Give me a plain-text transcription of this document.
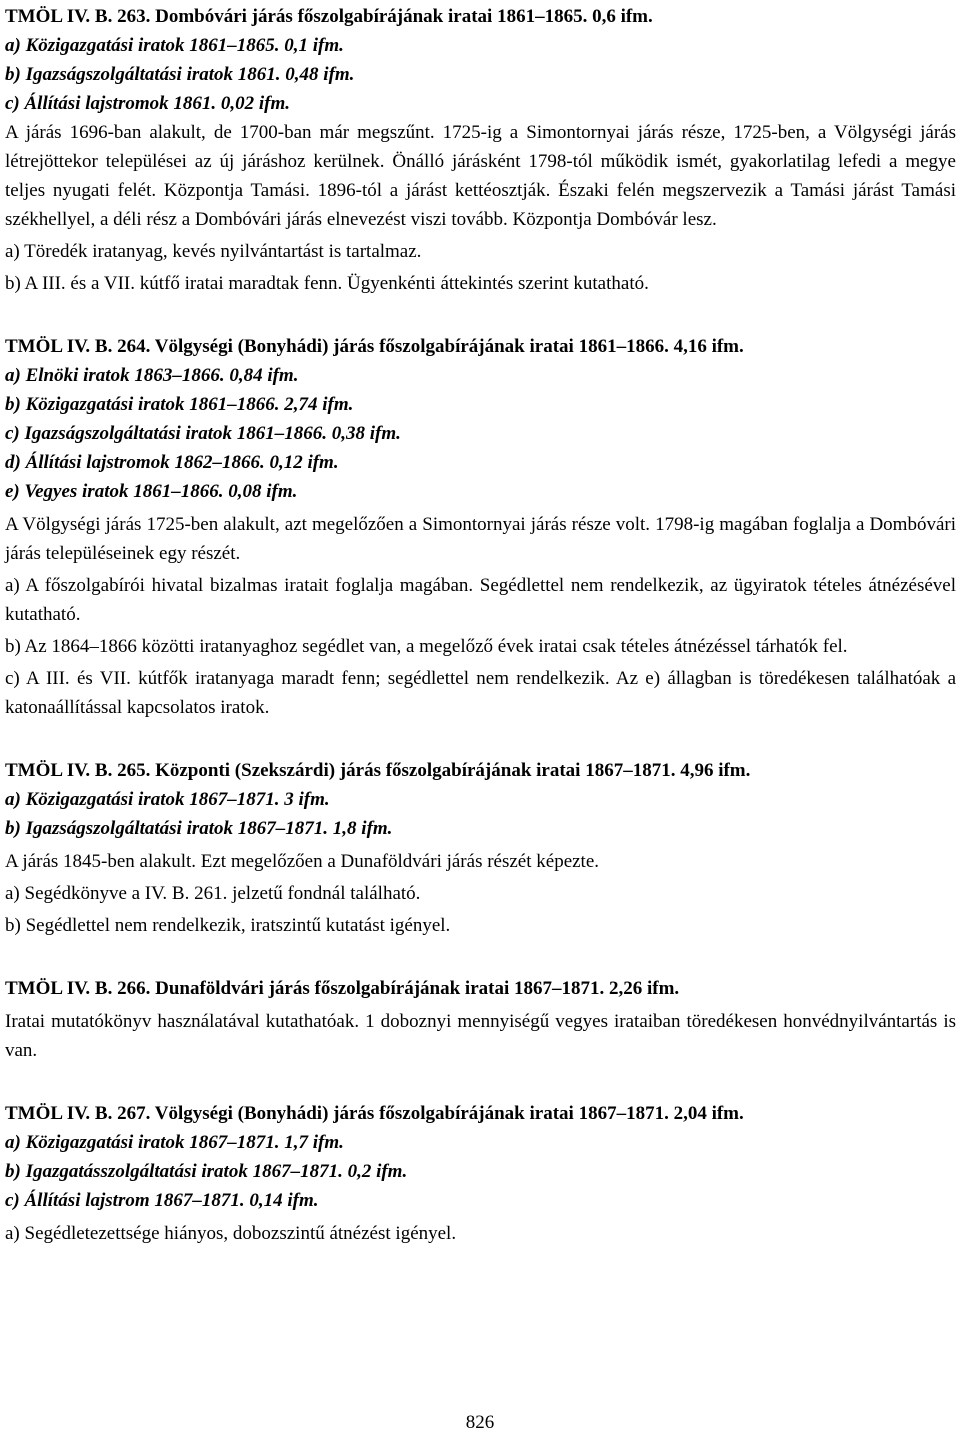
TMÖL IV. B. 263. Dombóvári járás főszolgabírájának iratai 1861–1865. 0,6 ifm.

a) Közigazgatási iratok 1861–1865. 0,1 ifm.

b) Igazságszolgáltatási iratok 1861. 0,48 ifm.

c) Állítási lajstromok 1861. 0,02 ifm.

A járás 1696-ban alakult, de 1700-ban már megszűnt. 1725-ig a Simontornyai járás része, 1725-ben, a Völgységi járás létrejöttekor települései az új járáshoz kerülnek. Önálló járásként 1798-tól működik ismét, gyakorlatilag lefedi a megye teljes nyugati felét. Központja Tamási. 1896-tól a járást kettéosztják. Északi felén megszervezik a Tamási járást Tamási székhellyel, a déli rész a Dombóvári járás elnevezést viszi tovább. Központja Dombóvár lesz.

a) Töredék iratanyag, kevés nyilvántartást is tartalmaz.

b) A III. és a VII. kútfő iratai maradtak fenn. Ügyenkénti áttekintés szerint kutatható.

TMÖL IV. B. 264. Völgységi (Bonyhádi) járás főszolgabírájának iratai 1861–1866. 4,16 ifm.

a) Elnöki iratok 1863–1866. 0,84 ifm.

b) Közigazgatási iratok 1861–1866. 2,74 ifm.

c) Igazságszolgáltatási iratok 1861–1866. 0,38 ifm.

d) Állítási lajstromok 1862–1866. 0,12 ifm.

e) Vegyes iratok 1861–1866. 0,08 ifm.

A Völgységi járás 1725-ben alakult, azt megelőzően a Simontornyai járás része volt. 1798-ig magában foglalja a Dombóvári járás településeinek egy részét.

a) A főszolgabírói hivatal bizalmas iratait foglalja magában. Segédlettel nem rendelkezik, az ügyiratok tételes átnézésével kutatható.

b) Az 1864–1866 közötti iratanyaghoz segédlet van, a megelőző évek iratai csak tételes átnézéssel tárhatók fel.

c) A III. és VII. kútfők iratanyaga maradt fenn; segédlettel nem rendelkezik. Az e) állagban is töredékesen találhatóak a katonaállítással kapcsolatos iratok.

TMÖL IV. B. 265. Központi (Szekszárdi) járás főszolgabírájának iratai 1867–1871. 4,96 ifm.

a) Közigazgatási iratok 1867–1871. 3 ifm.

b) Igazságszolgáltatási iratok 1867–1871. 1,8 ifm.

A járás 1845-ben alakult. Ezt megelőzően a Dunaföldvári járás részét képezte.

a) Segédkönyve a IV. B. 261. jelzetű fondnál található.

b) Segédlettel nem rendelkezik, iratszintű kutatást igényel.

TMÖL IV. B. 266. Dunaföldvári járás főszolgabírájának iratai 1867–1871. 2,26 ifm.

Iratai mutatókönyv használatával kutathatóak. 1 doboznyi mennyiségű vegyes irataiban töredékesen honvédnyilvántartás is van.

TMÖL IV. B. 267. Völgységi (Bonyhádi) járás főszolgabírájának iratai 1867–1871. 2,04 ifm.

a) Közigazgatási iratok 1867–1871. 1,7 ifm.

b) Igazgatásszolgáltatási iratok 1867–1871. 0,2 ifm.

c) Állítási lajstrom 1867–1871. 0,14 ifm.

a) Segédletezettsége hiányos, dobozszintű átnézést igényel.

826
